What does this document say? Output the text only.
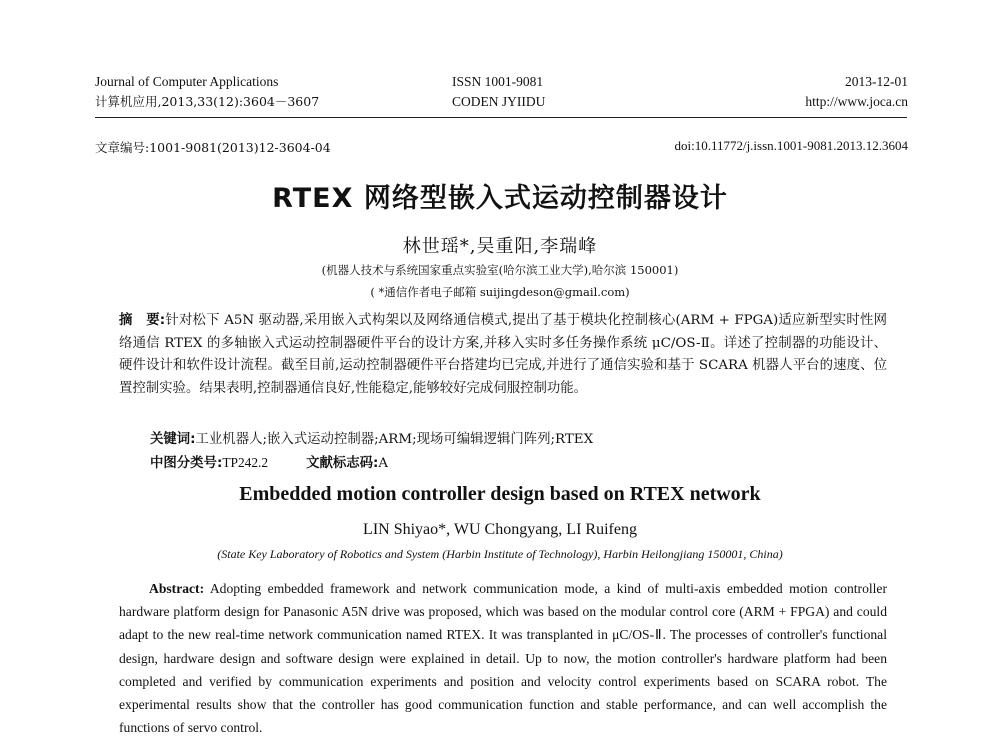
Journal of Computer Applications
计算机应用,2013,33(12):3604－3607
ISSN 1001-9081
CODEN JYIIDU
2013-12-01
http://www.joca.cn
文章编号:1001-9081(2013)12-3604-04	doi:10.11772/j.issn.1001-9081.2013.12.3604
RTEX 网络型嵌入式运动控制器设计
林世瑶*,吴重阳,李瑞峰
(机器人技术与系统国家重点实验室(哈尔滨工业大学),哈尔滨 150001)
( *通信作者电子邮箱 suijingdeson@gmail.com)
摘　要:针对松下 A5N 驱动器,采用嵌入式构架以及网络通信模式,提出了基于模块化控制核心(ARM + FPGA)适应新型实时性网络通信 RTEX 的多轴嵌入式运动控制器硬件平台的设计方案,并移入实时多任务操作系统 μC/OS-Ⅱ。详述了控制器的功能设计、硬件设计和软件设计流程。截至目前,运动控制器硬件平台搭建均已完成,并进行了通信实验和基于 SCARA 机器人平台的速度、位置控制实验。结果表明,控制器通信良好,性能稳定,能够较好完成伺服控制功能。
关键词:工业机器人;嵌入式运动控制器;ARM;现场可编辑逻辑门阵列;RTEX
中图分类号:TP242.2	文献标志码:A
Embedded motion controller design based on RTEX network
LIN Shiyao*, WU Chongyang, LI Ruifeng
(State Key Laboratory of Robotics and System (Harbin Institute of Technology), Harbin Heilongjiang 150001, China)
Abstract: Adopting embedded framework and network communication mode, a kind of multi-axis embedded motion controller hardware platform design for Panasonic A5N drive was proposed, which was based on the modular control core (ARM + FPGA) and could adapt to the new real-time network communication named RTEX. It was transplanted in μC/OS-Ⅱ. The processes of controller's functional design, hardware design and software design were explained in detail. Up to now, the motion controller's hardware platform had been completed and verified by communication experiments and position and velocity control experiments based on SCARA robot. The experimental results show that the controller has good communication function and stable performance, and can well accomplish the functions of servo control.
